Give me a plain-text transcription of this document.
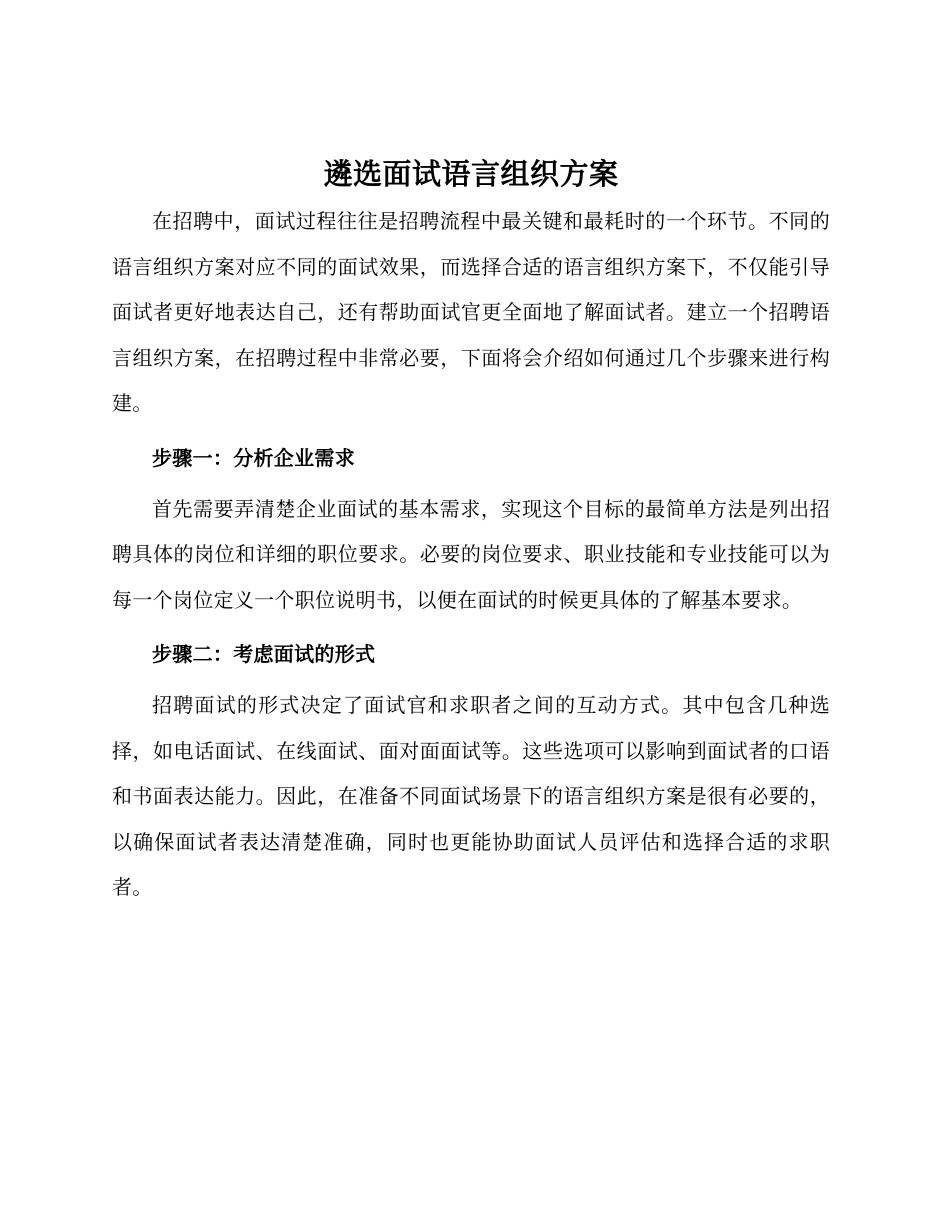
遴选面试语言组织方案

在招聘中，面试过程往往是招聘流程中最关键和最耗时的一个环节。不同的语言组织方案对应不同的面试效果，而选择合适的语言组织方案下，不仅能引导面试者更好地表达自己，还有帮助面试官更全面地了解面试者。建立一个招聘语言组织方案，在招聘过程中非常必要，下面将会介绍如何通过几个步骤来进行构建。

步骤一：分析企业需求

首先需要弄清楚企业面试的基本需求，实现这个目标的最简单方法是列出招聘具体的岗位和详细的职位要求。必要的岗位要求、职业技能和专业技能可以为每一个岗位定义一个职位说明书，以便在面试的时候更具体的了解基本要求。

步骤二：考虑面试的形式

招聘面试的形式决定了面试官和求职者之间的互动方式。其中包含几种选择，如电话面试、在线面试、面对面面试等。这些选项可以影响到面试者的口语和书面表达能力。因此，在准备不同面试场景下的语言组织方案是很有必要的，以确保面试者表达清楚准确，同时也更能协助面试人员评估和选择合适的求职者。
